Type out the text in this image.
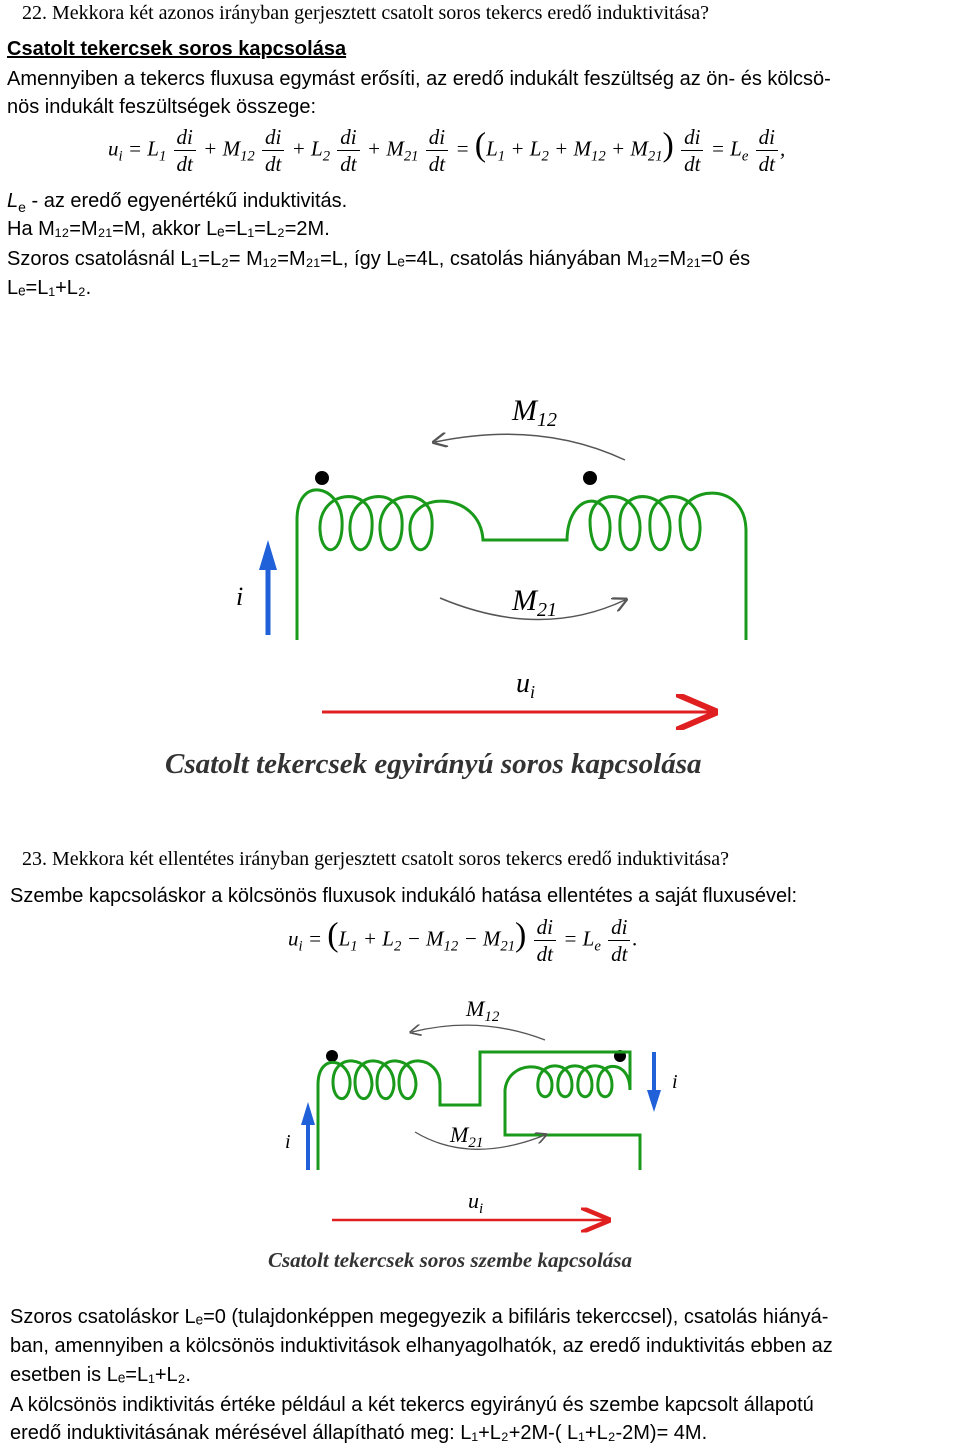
22. Mekkora két azonos irányban gerjesztett csatolt soros tekercs eredő induktivitása?
Csatolt tekercsek soros kapcsolása
Amennyiben a tekercs fluxusa egymást erősíti, az eredő indukált feszültség az ön- és kölcsö-
nös indukált feszültségek összege:
$u_i = L_1 \frac{di}{dt} + M_{12} \frac{di}{dt} + L_2 \frac{di}{dt} + M_{21} \frac{di}{dt} = (L_1 + L_2 + M_{12} + M_{21}) \frac{di}{dt} = L_e \frac{di}{dt}$ ,
$L_e$ - az eredő egyenértékű induktivitás.
Ha M₁₂=M₂₁=M, akkor Lₑ=L₁=L₂=2M.
Szoros csatolásnál L₁=L₂= M₁₂=M₂₁=L, így Lₑ=4L, csatolás hiányában M₁₂=M₂₁=0 és
Lₑ=L₁+L₂.
$M_{12}$
i	$M_{21}$
$u_i$
Csatolt tekercsek egyirányú soros kapcsolása
23. Mekkora két ellentétes irányban gerjesztett csatolt soros tekercs eredő induktivitása?
Szembe kapcsoláskor a kölcsönös fluxusok indukáló hatása ellentétes a saját fluxusével:
$u_i = (L_1 + L_2 - M_{12} - M_{21}) \frac{di}{dt} = L_e \frac{di}{dt}$ .
$M_{12}$
i
i
$M_{21}$
$u_i$
Csatolt tekercsek soros szembe kapcsolása
Szoros csatoláskor Lₑ=0 (tulajdonképpen megegyezik a bifiláris tekerccsel), csatolás hiányá-
ban, amennyiben a kölcsönös induktivitások elhanyagolhatók, az eredő induktivitás ebben az
esetben is Lₑ=L₁+L₂.
A kölcsönös indiktivitás értéke például a két tekercs egyirányú és szembe kapcsolt állapotú
eredő induktivitásának mérésével állapítható meg: L₁+L₂+2M-( L₁+L₂-2M)= 4M.
